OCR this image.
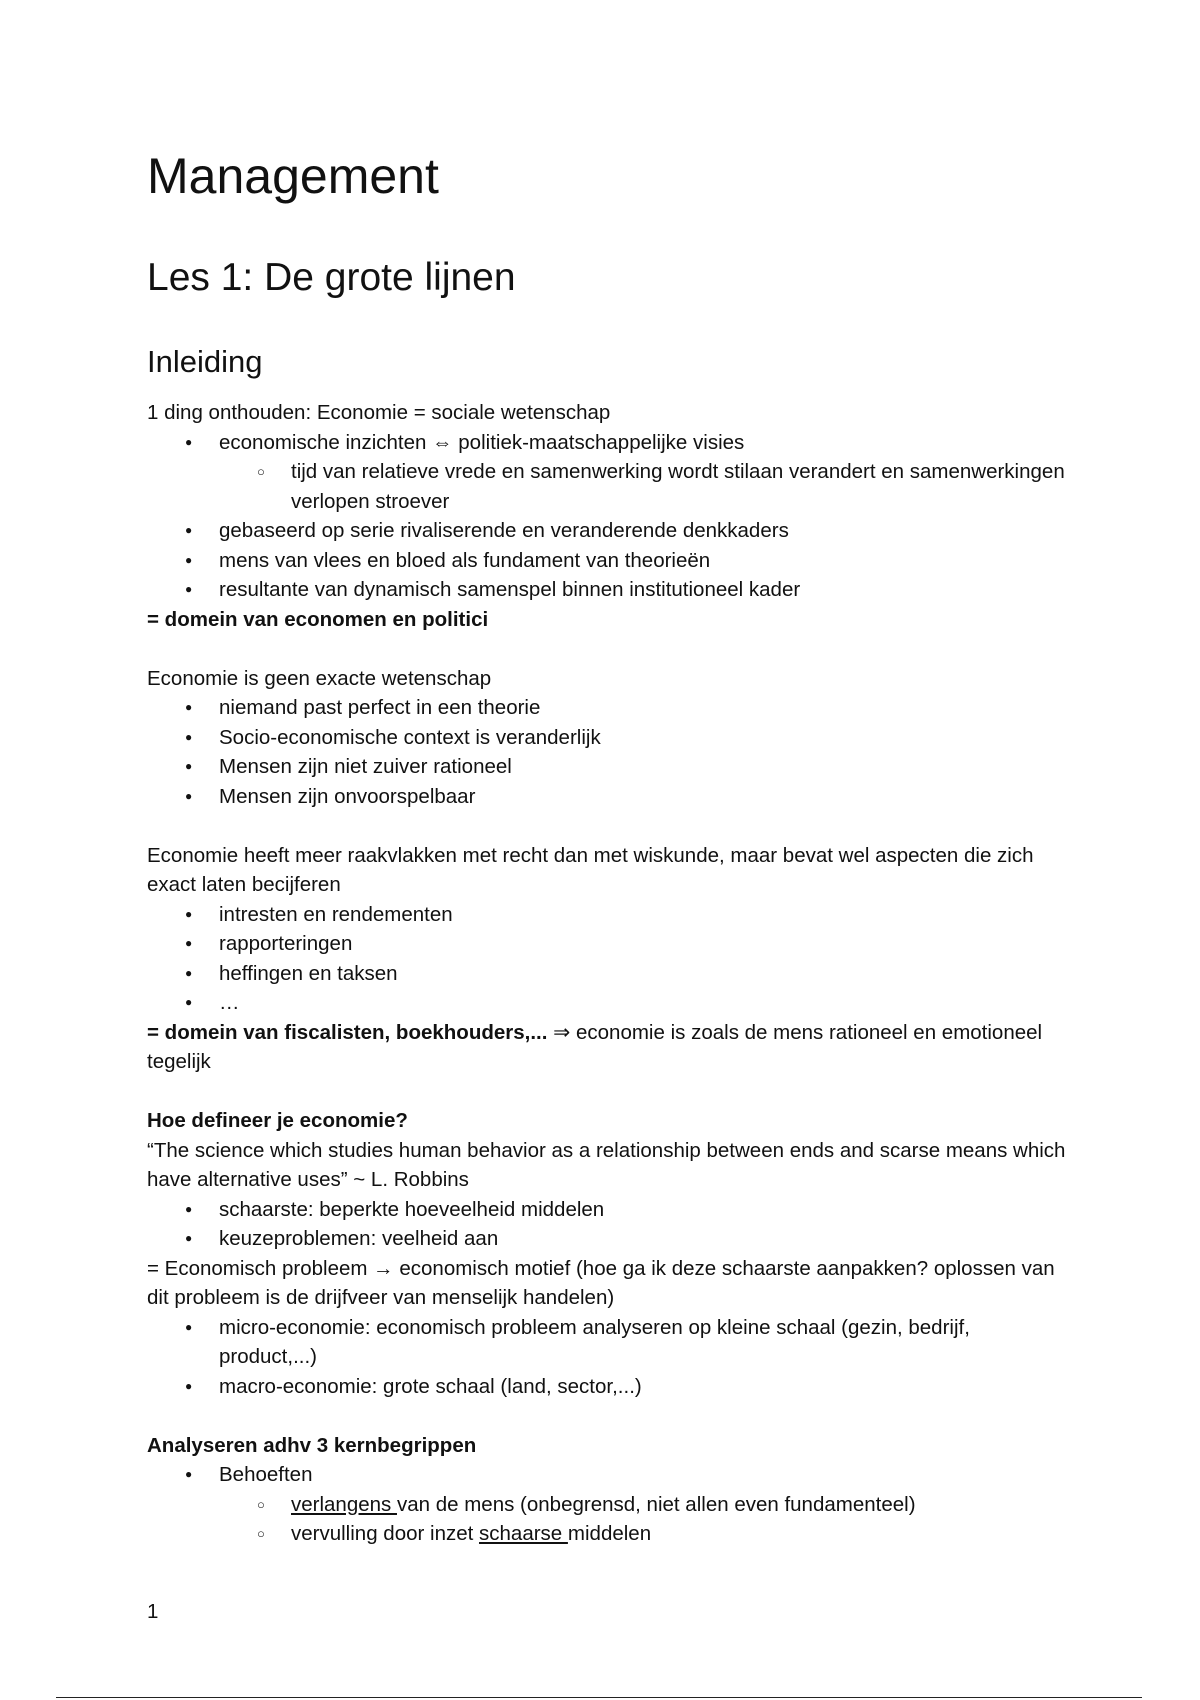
Management
Les 1: De grote lijnen
Inleiding

1 ding onthouden: Economie = sociale wetenschap

● economische inzichten ⇔ politiek-maatschappelijke visies
○ tijd van relatieve vrede en samenwerking wordt stilaan verandert en samenwerkingen verlopen stroever
● gebaseerd op serie rivaliserende en veranderende denkkaders
● mens van vlees en bloed als fundament van theorieën
● resultante van dynamisch samenspel binnen institutioneel kader

= domein van economen en politici

Economie is geen exacte wetenschap

● niemand past perfect in een theorie
● Socio-economische context is veranderlijk
● Mensen zijn niet zuiver rationeel
● Mensen zijn onvoorspelbaar

Economie heeft meer raakvlakken met recht dan met wiskunde, maar bevat wel aspecten die zich exact laten becijferen

● intresten en rendementen
● rapporteringen
● heffingen en taksen
● …

= domein van fiscalisten, boekhouders,... ⇒ economie is zoals de mens rationeel en emotioneel tegelijk

Hoe defineer je economie?

“The science which studies human behavior as a relationship between ends and scarse means which have alternative uses” ~ L. Robbins

● schaarste: beperkte hoeveelheid middelen
● keuzeproblemen: veelheid aan

= Economisch probleem → economisch motief (hoe ga ik deze schaarste aanpakken? oplossen van dit probleem is de drijfveer van menselijk handelen)

● micro-economie: economisch probleem analyseren op kleine schaal (gezin, bedrijf, product,...)
● macro-economie: grote schaal (land, sector,...)

Analyseren adhv 3 kernbegrippen

● Behoeften
○ verlangens van de mens (onbegrensd, niet allen even fundamenteel)
○ vervulling door inzet schaarse middelen
1
